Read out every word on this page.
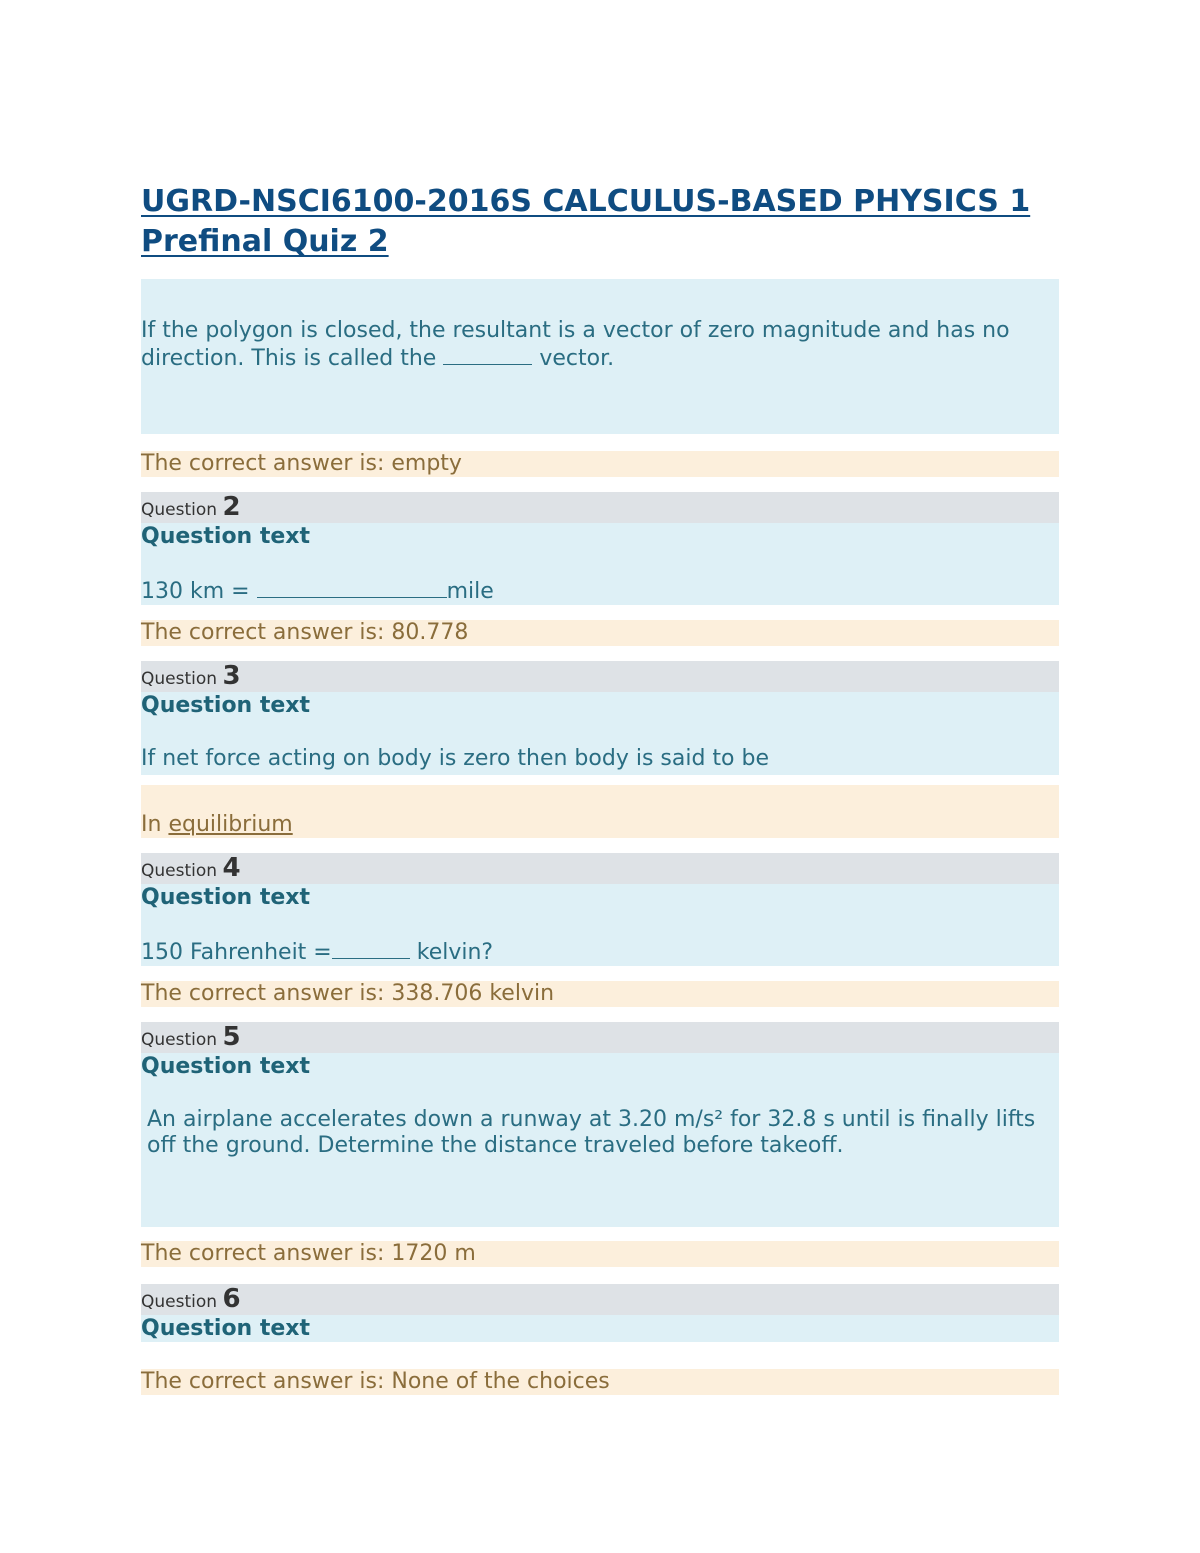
UGRD-NSCI6100-2016S CALCULUS-BASED PHYSICS 1 Prefinal Quiz 2
If the polygon is closed, the resultant is a vector of zero magnitude and has no direction. This is called the	vector.
The correct answer is: empty
Question 2
Question text
130 km =	mile
The correct answer is: 80.778
Question 3
Question text
If net force acting on body is zero then body is said to be
In equilibrium
Question 4
Question text
150 Fahrenheit =	kelvin?
The correct answer is: 338.706 kelvin
Question 5
Question text
An airplane accelerates down a runway at 3.20 m/s² for 32.8 s until is finally lifts off the ground. Determine the distance traveled before takeoff.
The correct answer is: 1720 m
Question 6
Question text
The correct answer is: None of the choices
